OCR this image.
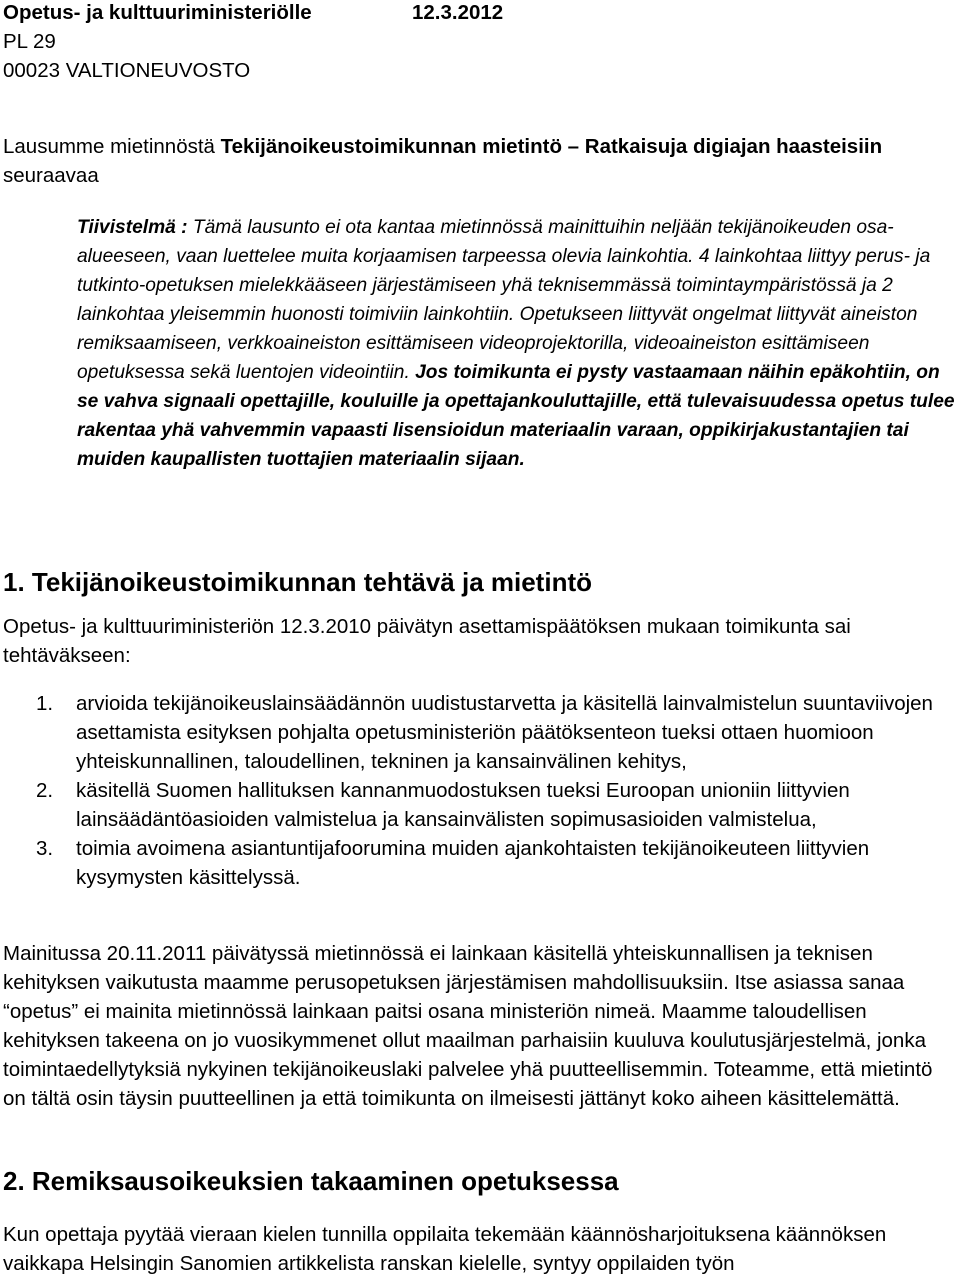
Opetus- ja kulttuuriministeriölle	12.3.2012
PL 29
00023 VALTIONEUVOSTO
Lausumme mietinnöstä Tekijänoikeustoimikunnan mietintö – Ratkaisuja digiajan haasteisiin seuraavaa
Tiivistelmä : Tämä lausunto ei ota kantaa mietinnössä mainittuihin neljään tekijänoikeuden osa-alueeseen, vaan luettelee muita korjaamisen tarpeessa olevia lainkohtia. 4 lainkohtaa liittyy perus- ja tutkinto-opetuksen mielekkääseen järjestämiseen yhä teknisemmässä toimintaympäristössä ja 2 lainkohtaa yleisemmin huonosti toimiviin lainkohtiin. Opetukseen liittyvät ongelmat liittyvät aineiston remiksaamiseen, verkkoaineiston esittämiseen videoprojektorilla, videoaineiston esittämiseen opetuksessa sekä luentojen videointiin. Jos toimikunta ei pysty vastaamaan näihin epäkohtiin, on se vahva signaali opettajille, kouluille ja opettajankouluttajille, että tulevaisuudessa opetus tulee rakentaa yhä vahvemmin vapaasti lisensioidun materiaalin varaan, oppikirjakustantajien tai muiden kaupallisten tuottajien materiaalin sijaan.
1. Tekijänoikeustoimikunnan tehtävä ja mietintö

Opetus- ja kulttuuriministeriön 12.3.2010 päivätyn asettamispäätöksen mukaan toimikunta sai tehtäväkseen:

1. arvioida tekijänoikeuslainsäädännön uudistustarvetta ja käsitellä lainvalmistelun suuntaviivojen asettamista esityksen pohjalta opetusministeriön päätöksenteon tueksi ottaen huomioon yhteiskunnallinen, taloudellinen, tekninen ja kansainvälinen kehitys,
2. käsitellä Suomen hallituksen kannanmuodostuksen tueksi Euroopan unioniin liittyvien lainsäädäntöasioiden valmistelua ja kansainvälisten sopimusasioiden valmistelua,
3. toimia avoimena asiantuntijafoorumina muiden ajankohtaisten tekijänoikeuteen liittyvien kysymysten käsittelyssä.

Mainitussa 20.11.2011 päivätyssä mietinnössä ei lainkaan käsitellä yhteiskunnallisen ja teknisen kehityksen vaikutusta maamme perusopetuksen järjestämisen mahdollisuuksiin. Itse asiassa sanaa “opetus” ei mainita mietinnössä lainkaan paitsi osana ministeriön nimeä. Maamme taloudellisen kehityksen takeena on jo vuosikymmenet ollut maailman parhaisiin kuuluva koulutusjärjestelmä, jonka toimintaedellytyksiä nykyinen tekijänoikeuslaki palvelee yhä puutteellisemmin. Toteamme, että mietintö on tältä osin täysin puutteellinen ja että toimikunta on ilmeisesti jättänyt koko aiheen käsittelemättä.

2. Remiksausoikeuksien takaaminen opetuksessa

Kun opettaja pyytää vieraan kielen tunnilla oppilaita tekemään käännösharjoituksena käännöksen vaikkapa Helsingin Sanomien artikkelista ranskan kielelle, syntyy oppilaiden työn
